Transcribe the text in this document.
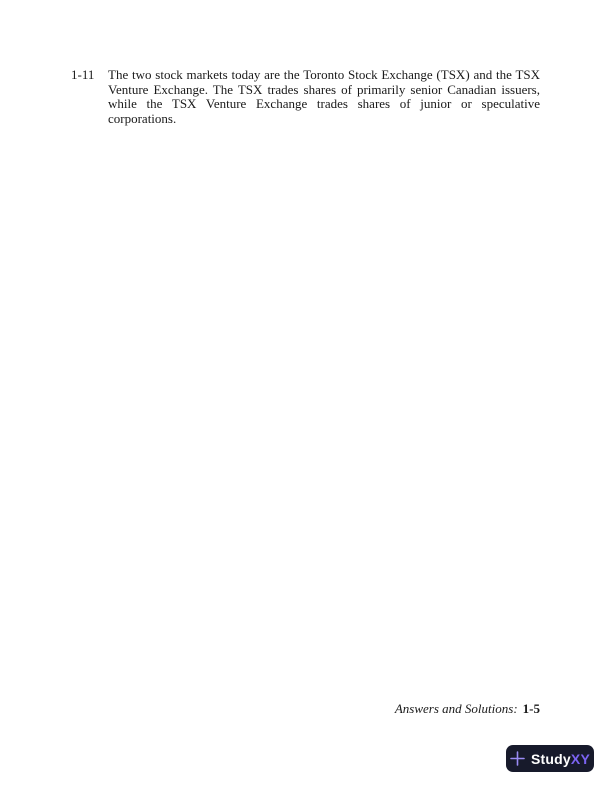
1-11 The two stock markets today are the Toronto Stock Exchange (TSX) and the TSX Venture Exchange. The TSX trades shares of primarily senior Canadian issuers, while the TSX Venture Exchange trades shares of junior or speculative corporations.

Answers and Solutions: 1-5
StudyXY
